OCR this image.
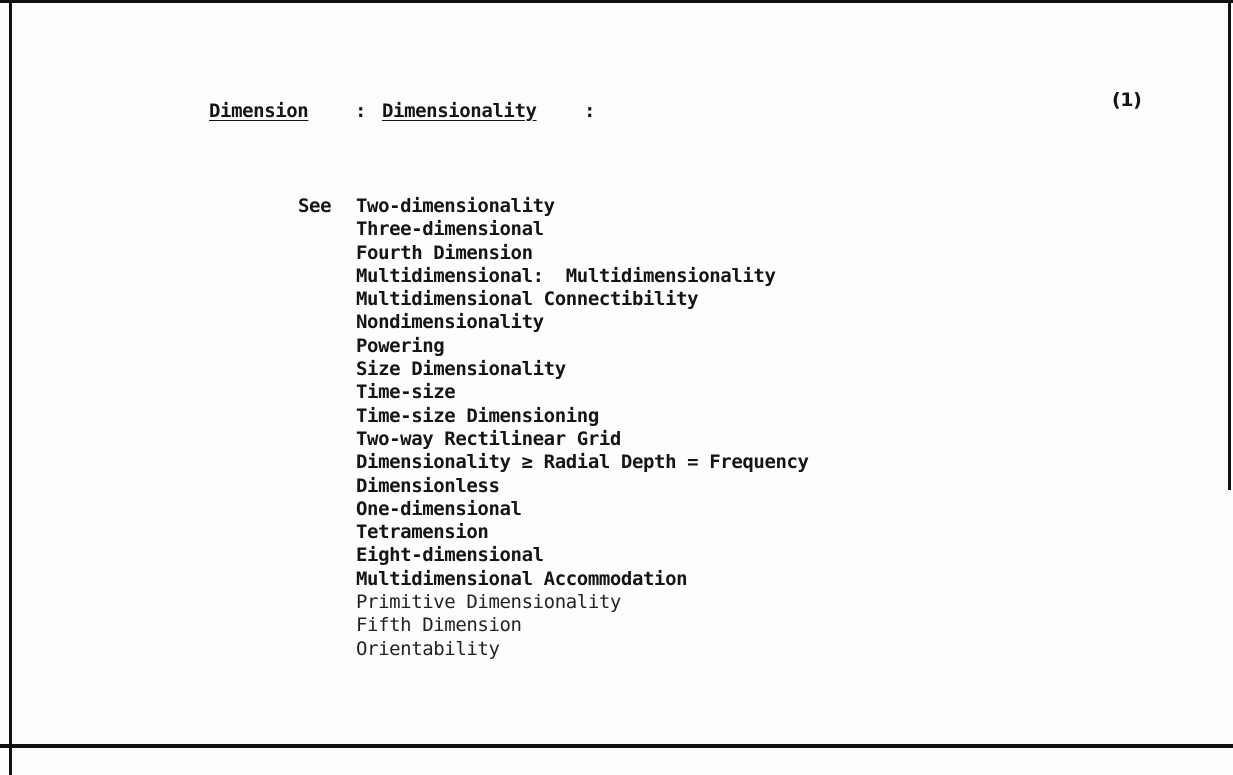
Dimension : Dimensionality :	(1)
See Two-dimensionality
Three-dimensional
Fourth Dimension
Multidimensional:  Multidimensionality
Multidimensional Connectibility
Nondimensionality
Powering
Size Dimensionality
Time-size
Time-size Dimensioning
Two-way Rectilinear Grid
Dimensionality ≥ Radial Depth = Frequency
Dimensionless
One-dimensional
Tetramension
Eight-dimensional
Multidimensional Accommodation
Primitive Dimensionality
Fifth Dimension
Orientability
